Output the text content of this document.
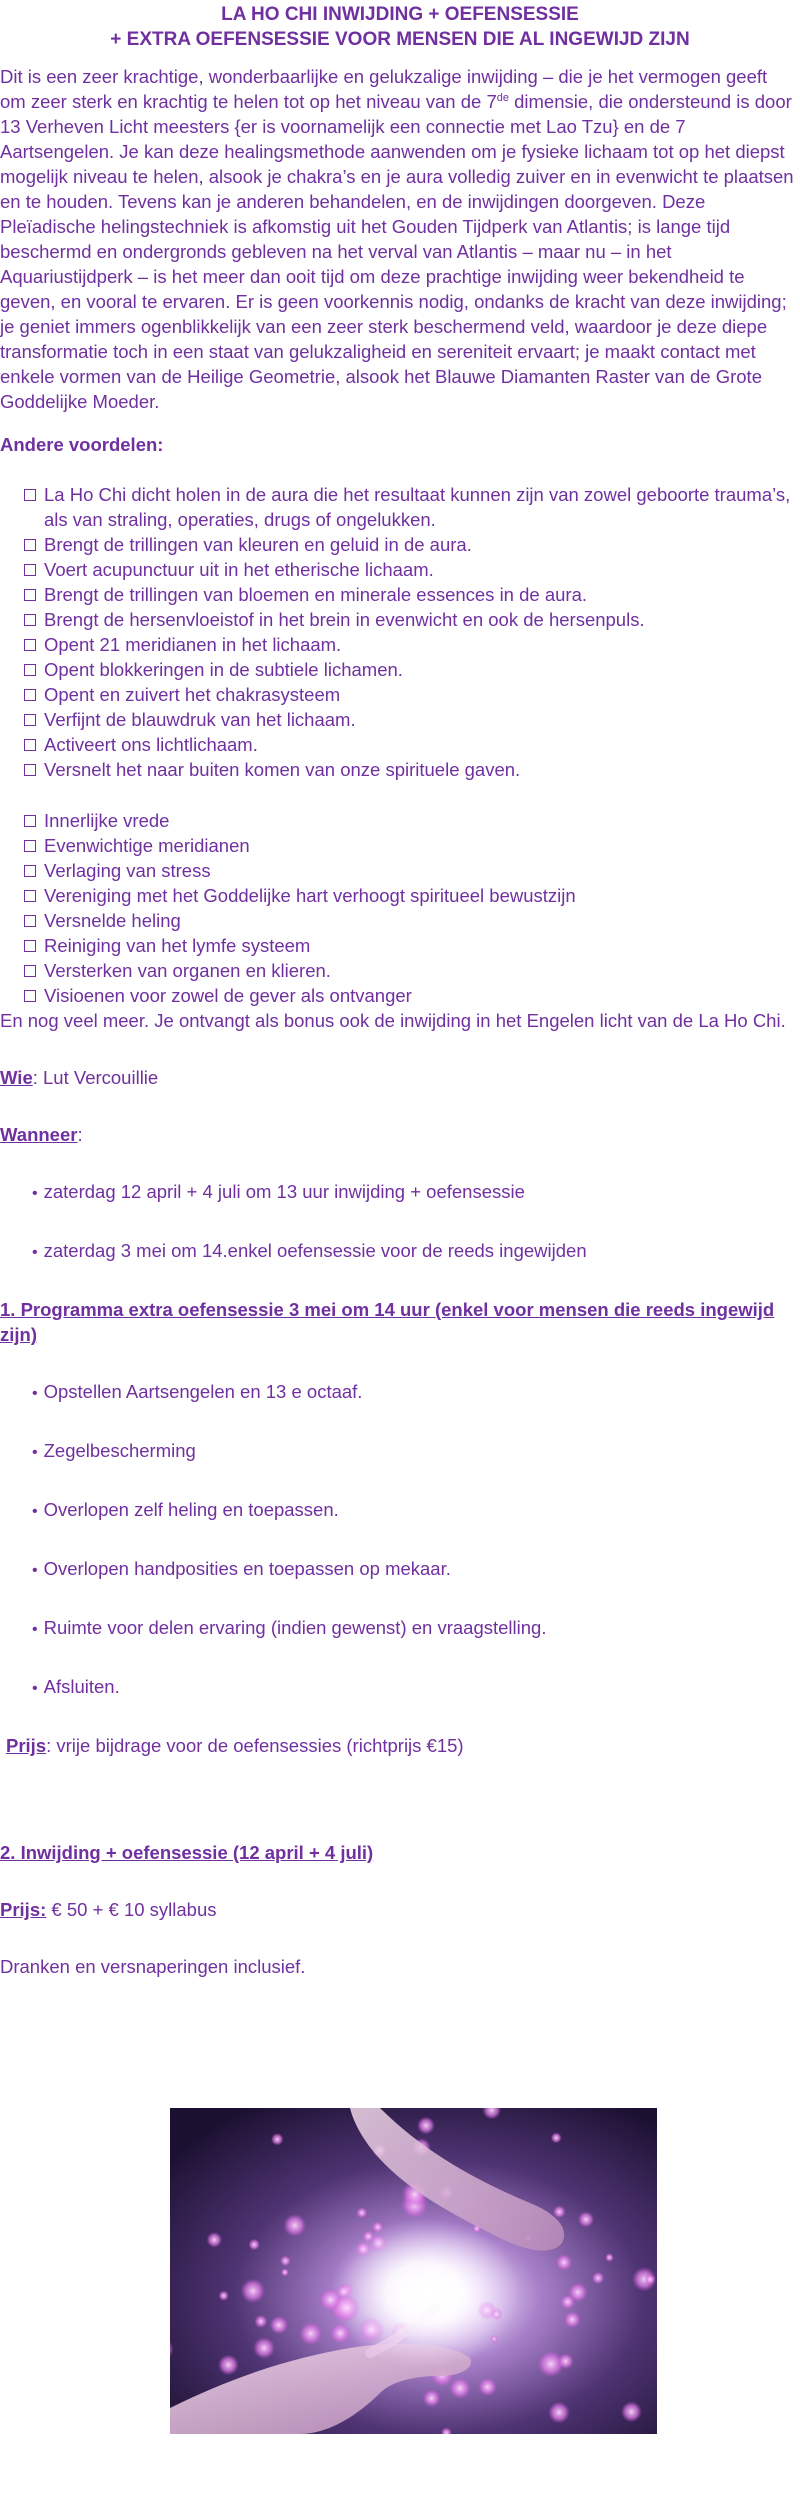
LA HO CHI INWIJDING + OEFENSESSIE
+ EXTRA OEFENSESSIE VOOR MENSEN DIE AL INGEWIJD ZIJN

Dit is een zeer krachtige, wonderbaarlijke en gelukzalige inwijding – die je het vermogen geeft om zeer sterk en krachtig te helen tot op het niveau van de 7de dimensie, die ondersteund is door 13 Verheven Licht meesters {er is voornamelijk een connectie met Lao Tzu} en de 7 Aartsengelen. Je kan deze healingsmethode aanwenden om je fysieke lichaam tot op het diepst mogelijk niveau te helen, alsook je chakra’s en je aura volledig zuiver en in evenwicht te plaatsen en te houden. Tevens kan je anderen behandelen, en de inwijdingen doorgeven. Deze Pleïadische helingstechniek is afkomstig uit het Gouden Tijdperk van Atlantis; is lange tijd beschermd en ondergronds gebleven na het verval van Atlantis – maar nu – in het Aquariustijdperk – is het meer dan ooit tijd om deze prachtige inwijding weer bekendheid te geven, en vooral te ervaren. Er is geen voorkennis nodig, ondanks de kracht van deze inwijding; je geniet immers ogenblikkelijk van een zeer sterk beschermend veld, waardoor je deze diepe transformatie toch in een staat van gelukzaligheid en sereniteit ervaart; je maakt contact met enkele vormen van de Heilige Geometrie, alsook het Blauwe Diamanten Raster van de Grote Goddelijke Moeder.

Andere voordelen:

La Ho Chi dicht holen in de aura die het resultaat kunnen zijn van zowel geboorte trauma’s, als van straling, operaties, drugs of ongelukken.
Brengt de trillingen van kleuren en geluid in de aura.
Voert acupunctuur uit in het etherische lichaam.
Brengt de trillingen van bloemen en minerale essences in de aura.
Brengt de hersenvloeistof in het brein in evenwicht en ook de hersenpuls.
Opent 21 meridianen in het lichaam.
Opent blokkeringen in de subtiele lichamen.
Opent en zuivert het chakrasysteem
Verfijnt de blauwdruk van het lichaam.
Activeert ons lichtlichaam.
Versnelt het naar buiten komen van onze spirituele gaven.
Innerlijke vrede
Evenwichtige meridianen
Verlaging van stress
Vereniging met het Goddelijke hart verhoogt spiritueel bewustzijn
Versnelde heling
Reiniging van het lymfe systeem
Versterken van organen en klieren.
Visioenen voor zowel de gever als ontvanger

En nog veel meer. Je ontvangt als bonus ook de inwijding in het Engelen licht van de La Ho Chi.

Wie: Lut Vercouillie

Wanneer:

• zaterdag 12 april + 4 juli om 13 uur inwijding + oefensessie
• zaterdag 3 mei om 14.enkel oefensessie voor de reeds ingewijden

1. Programma extra oefensessie 3 mei om 14 uur (enkel voor mensen die reeds ingewijd zijn)

• Opstellen Aartsengelen en 13 e octaaf.
• Zegelbescherming
• Overlopen zelf heling en toepassen.
• Overlopen handposities en toepassen op mekaar.
• Ruimte voor delen ervaring (indien gewenst) en vraagstelling.
• Afsluiten.

Prijs: vrije bijdrage voor de oefensessies (richtprijs €15)

2. Inwijding + oefensessie (12 april + 4 juli)

Prijs: € 50 + € 10 syllabus

Dranken en versnaperingen inclusief.
